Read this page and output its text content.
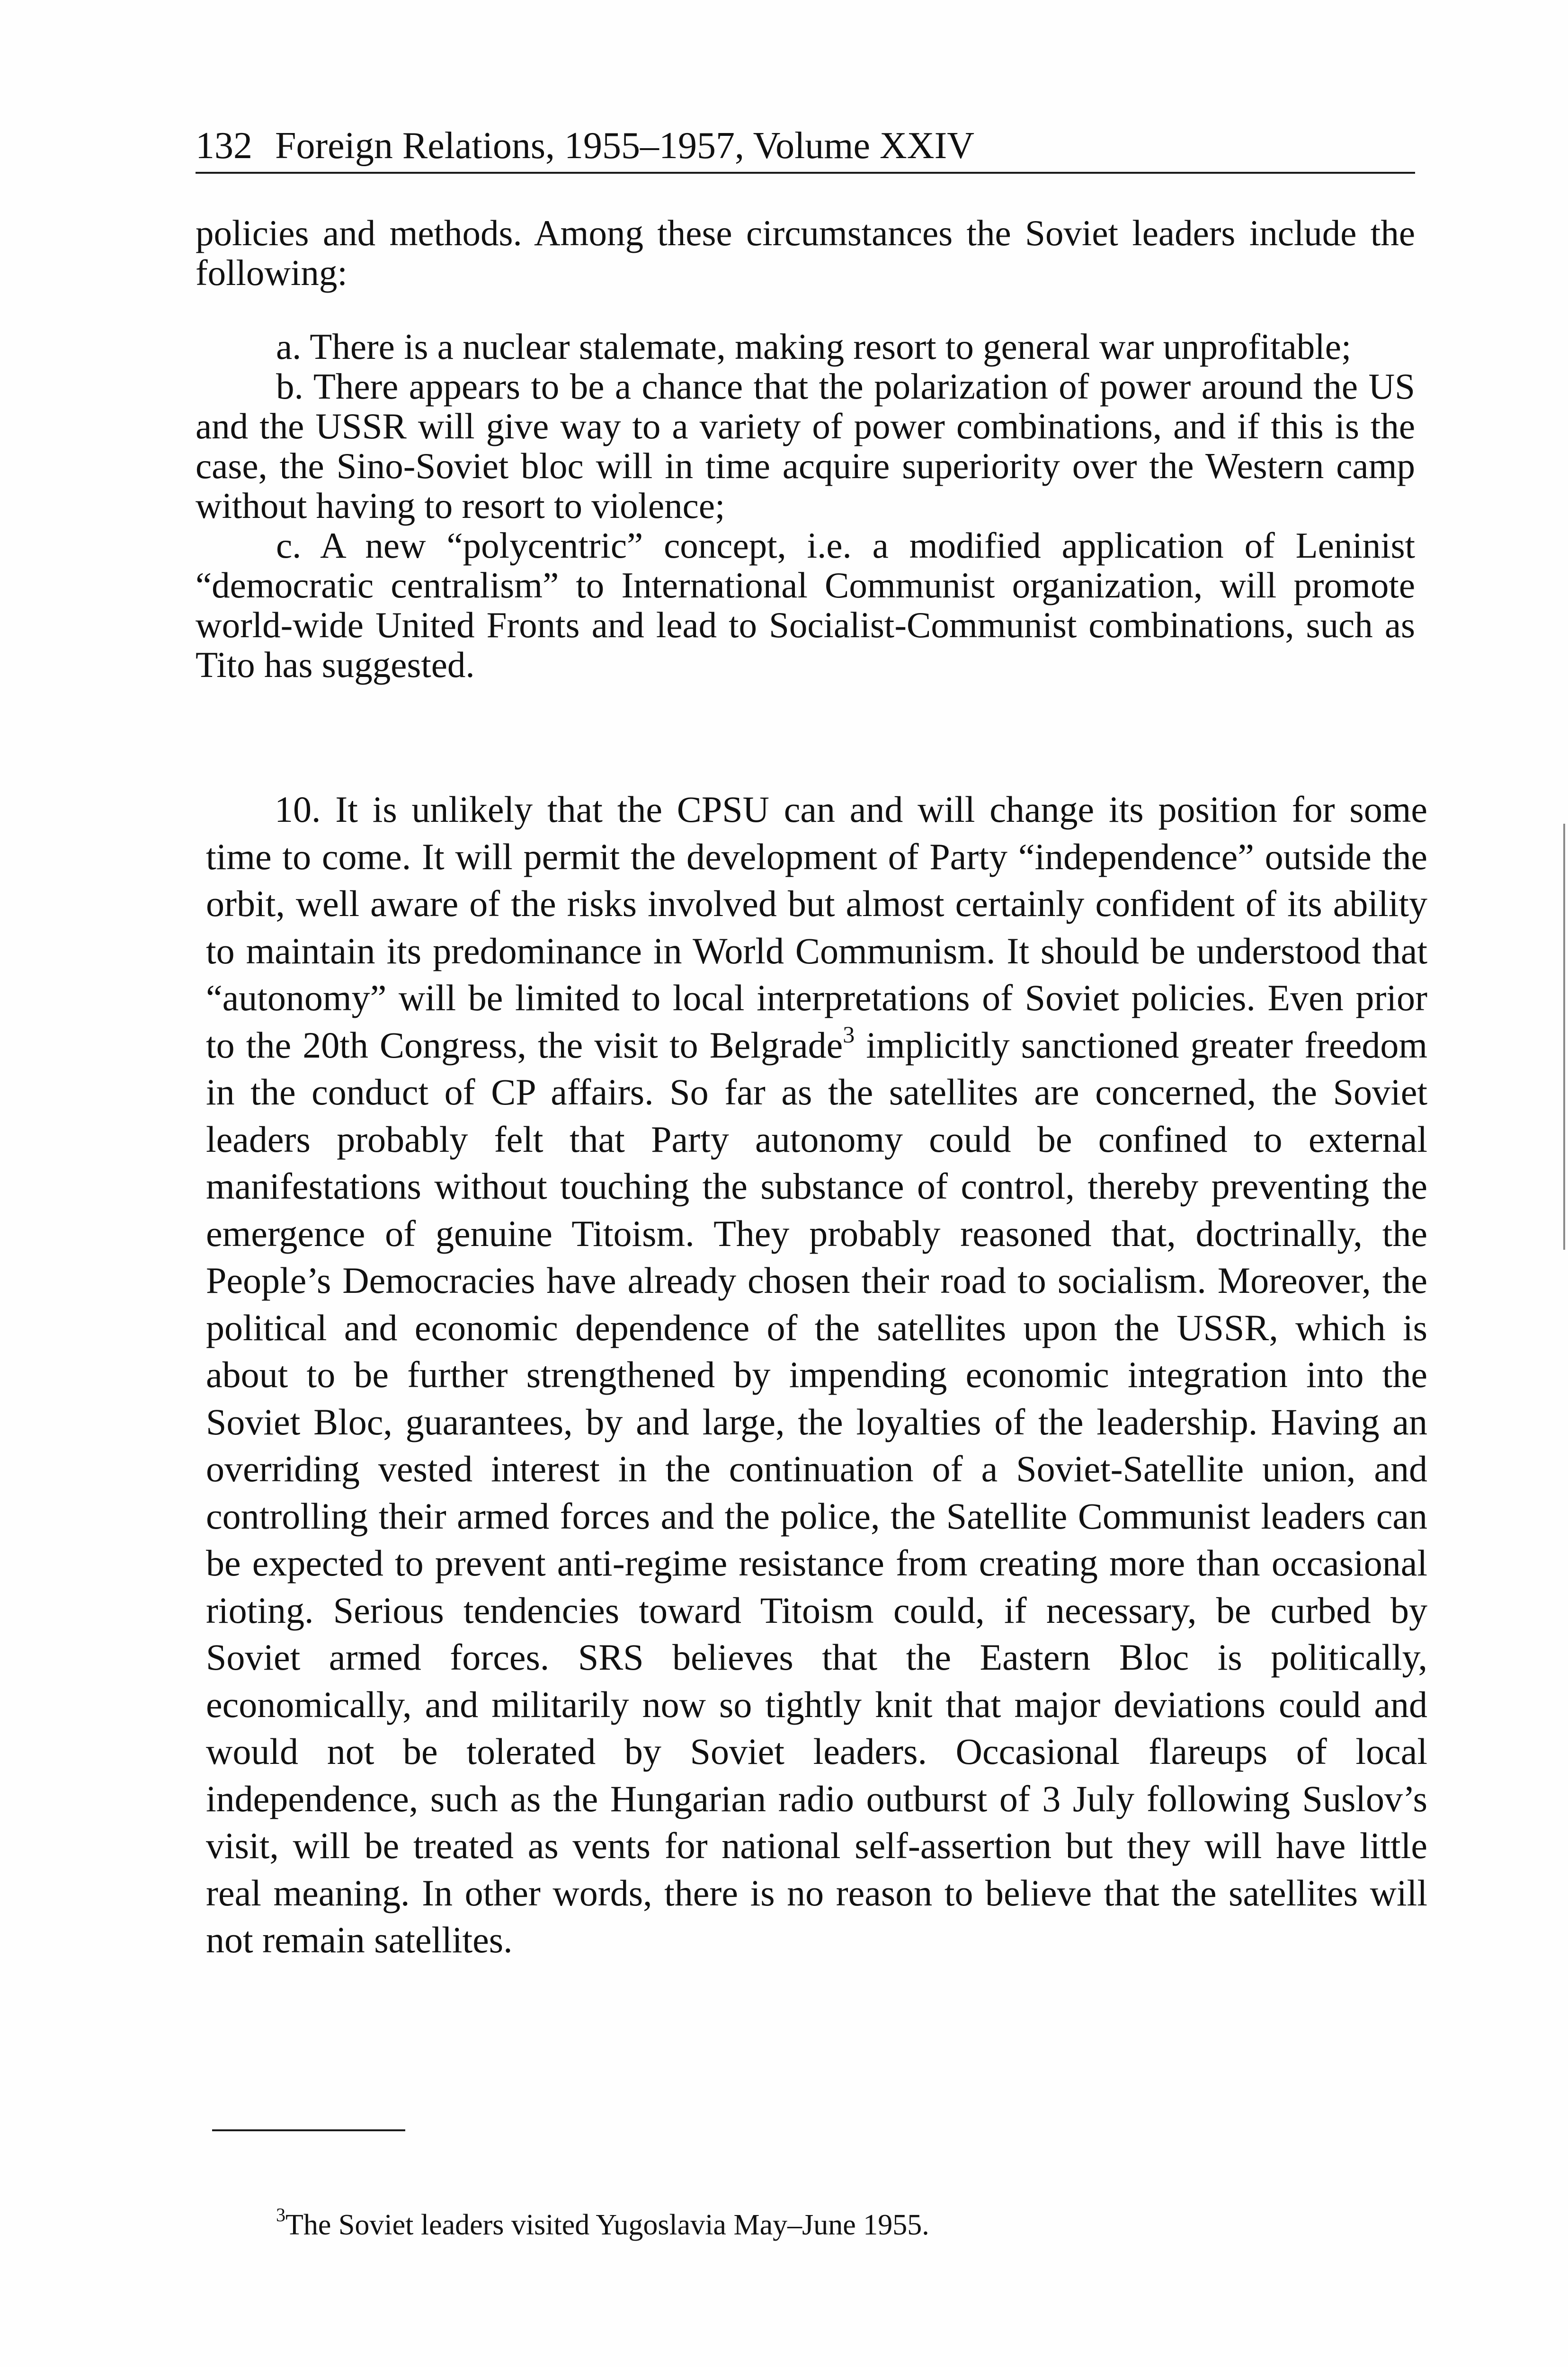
132 Foreign Relations, 1955–1957, Volume XXIV

policies and methods. Among these circumstances the Soviet leaders include the following:

a. There is a nuclear stalemate, making resort to general war unprofitable;

b. There appears to be a chance that the polarization of power around the US and the USSR will give way to a variety of power combinations, and if this is the case, the Sino-Soviet bloc will in time acquire superiority over the Western camp without having to resort to violence;

c. A new “polycentric” concept, i.e. a modified application of Leninist “democratic centralism” to International Communist organization, will promote world-wide United Fronts and lead to Socialist-Communist combinations, such as Tito has suggested.

10. It is unlikely that the CPSU can and will change its position for some time to come. It will permit the development of Party “independence” outside the orbit, well aware of the risks involved but almost certainly confident of its ability to maintain its predominance in World Communism. It should be understood that “autonomy” will be limited to local interpretations of Soviet policies. Even prior to the 20th Congress, the visit to Belgrade$^3$ implicitly sanctioned greater freedom in the conduct of CP affairs. So far as the satellites are concerned, the Soviet leaders probably felt that Party autonomy could be confined to external manifestations without touching the substance of control, thereby preventing the emergence of genuine Titoism. They probably reasoned that, doctrinally, the People’s Democracies have already chosen their road to socialism. Moreover, the political and economic dependence of the satellites upon the USSR, which is about to be further strengthened by impending economic integration into the Soviet Bloc, guarantees, by and large, the loyalties of the leadership. Having an overriding vested interest in the continuation of a Soviet-Satellite union, and controlling their armed forces and the police, the Satellite Communist leaders can be expected to prevent anti-regime resistance from creating more than occasional rioting. Serious tendencies toward Titoism could, if necessary, be curbed by Soviet armed forces. SRS believes that the Eastern Bloc is politically, economically, and militarily now so tightly knit that major deviations could and would not be tolerated by Soviet leaders. Occasional flareups of local independence, such as the Hungarian radio outburst of 3 July following Suslov’s visit, will be treated as vents for national self-assertion but they will have little real meaning. In other words, there is no reason to believe that the satellites will not remain satellites.

$^3$The Soviet leaders visited Yugoslavia May–June 1955.
